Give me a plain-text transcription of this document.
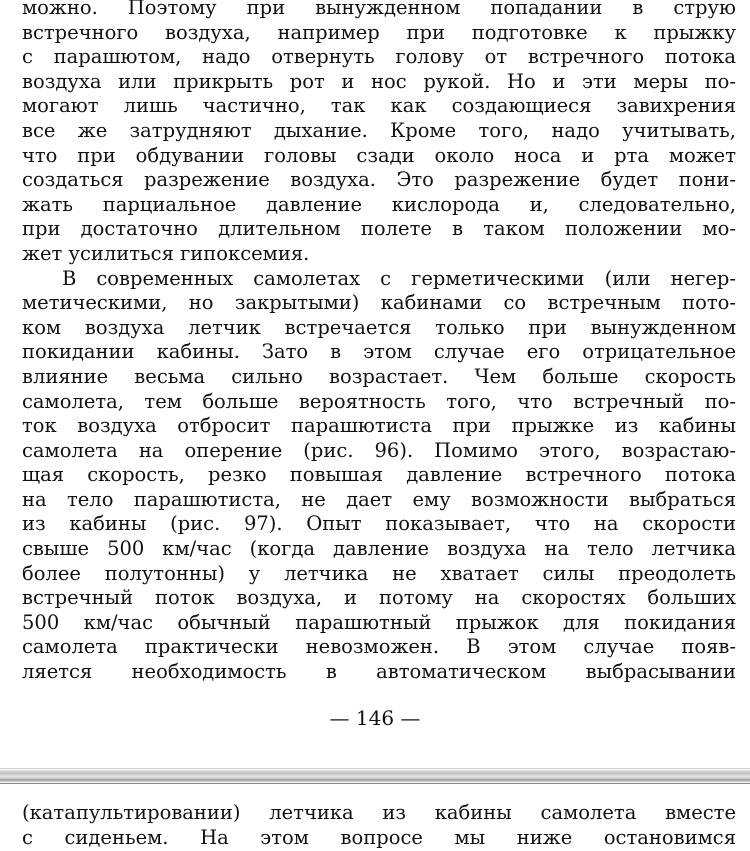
можно. Поэтому при вынужденном попадании в струю
встречного воздуха, например при подготовке к прыжку
с парашютом, надо отвернуть голову от встречного потока
воздуха или прикрыть рот и нос рукой. Но и эти меры по-
могают лишь частично, так как создающиеся завихрения
все же затрудняют дыхание. Кроме того, надо учитывать,
что при обдувании головы сзади около носа и рта может
создаться разрежение воздуха. Это разрежение будет пони-
жать парциальное давление кислорода и, следовательно,
при достаточно длительном полете в таком положении мо-
жет усилиться гипоксемия.
В современных самолетах с герметическими (или негер-
метическими, но закрытыми) кабинами со встречным пото-
ком воздуха летчик встречается только при вынужденном
покидании кабины. Зато в этом случае его отрицательное
влияние весьма сильно возрастает. Чем больше скорость
самолета, тем больше вероятность того, что встречный по-
ток воздуха отбросит парашютиста при прыжке из кабины
самолета на оперение (рис. 96). Помимо этого, возрастаю-
щая скорость, резко повышая давление встречного потока
на тело парашютиста, не дает ему возможности выбраться
из кабины (рис. 97). Опыт показывает, что на скорости
свыше 500 км/час (когда давление воздуха на тело летчика
более полутонны) у летчика не хватает силы преодолеть
встречный поток воздуха, и потому на скоростях больших
500 км/час обычный парашютный прыжок для покидания
самолета практически невозможен. В этом случае появ-
ляется необходимость в автоматическом выбрасывании
— 146 —
(катапультировании) летчика из кабины самолета вместе
с сиденьем. На этом вопросе мы ниже остановимся
